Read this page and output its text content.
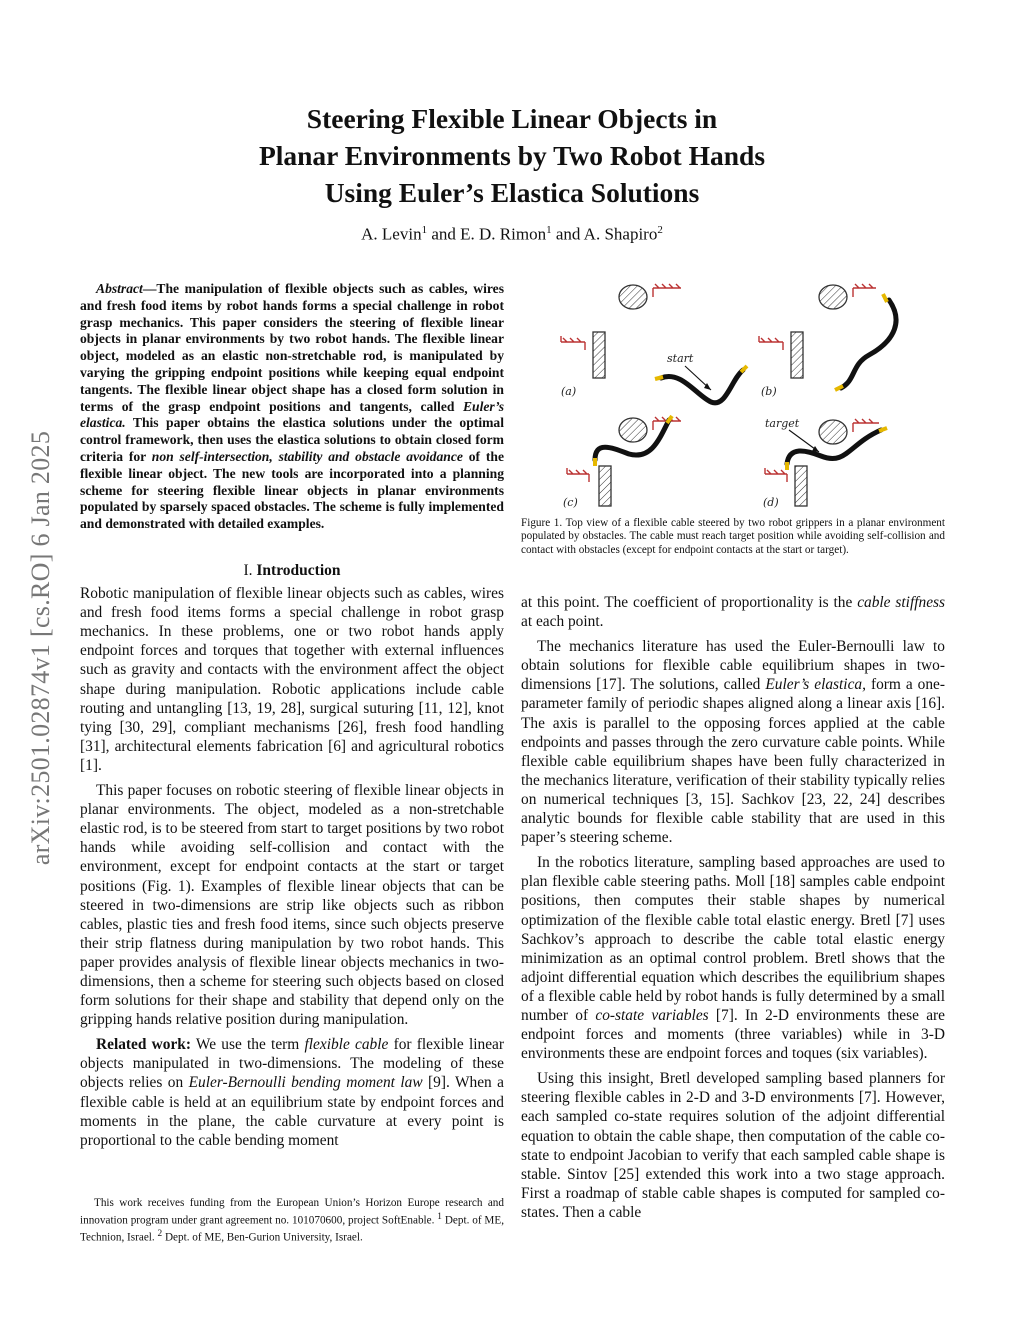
arXiv:2501.02874v1 [cs.RO] 6 Jan 2025
Steering Flexible Linear Objects in
Planar Environments by Two Robot Hands
Using Euler’s Elastica Solutions
A. Levin$^1$ and E. D. Rimon$^1$ and A. Shapiro$^2$

Abstract—The manipulation of flexible objects such as cables, wires and fresh food items by robot hands forms a special challenge in robot grasp mechanics. This paper considers the steering of flexible linear objects in planar environments by two robot hands. The flexible linear object, modeled as an elastic non-stretchable rod, is manipulated by varying the gripping endpoint positions while keeping equal endpoint tangents. The flexible linear object shape has a closed form solution in terms of the grasp endpoint positions and tangents, called Euler’s elastica. This paper obtains the elastica solutions under the optimal control framework, then uses the elastica solutions to obtain closed form criteria for non self-intersection, stability and obstacle avoidance of the flexible linear object. The new tools are incorporated into a planning scheme for steering flexible linear objects in planar environments populated by sparsely spaced obstacles. The scheme is fully implemented and demonstrated with detailed examples.

I. Introduction

Robotic manipulation of flexible linear objects such as cables, wires and fresh food items forms a special challenge in robot grasp mechanics. In these problems, one or two robot hands apply endpoint forces and torques that together with external influences such as gravity and contacts with the environment affect the object shape during manipulation. Robotic applications include cable routing and untangling [13, 19, 28], surgical suturing [11, 12], knot tying [30, 29], compliant mechanisms [26], fresh food handling [31], architectural elements fabrication [6] and agricultural robotics [1].

This paper focuses on robotic steering of flexible linear objects in planar environments. The object, modeled as a non-stretchable elastic rod, is to be steered from start to target positions by two robot hands while avoiding self-collision and contact with the environment, except for endpoint contacts at the start or target positions (Fig. 1). Examples of flexible linear objects that can be steered in two-dimensions are strip like objects such as ribbon cables, plastic ties and fresh food items, since such objects preserve their strip flatness during manipulation by two robot hands. This paper provides analysis of flexible linear objects mechanics in two-dimensions, then a scheme for steering such objects based on closed form solutions for their shape and stability that depend only on the gripping hands relative position during manipulation.

Related work: We use the term flexible cable for flexible linear objects manipulated in two-dimensions. The modeling of these objects relies on Euler-Bernoulli bending moment law [9]. When a flexible cable is held at an equilibrium state by endpoint forces and moments in the plane, the cable curvature at every point is proportional to the cable bending moment

This work receives funding from the European Union’s Horizon Europe research and innovation program under grant agreement no. 101070600, project SoftEnable. $^1$ Dept. of ME, Technion, Israel. $^2$ Dept. of ME, Ben-Gurion University, Israel.
start
(a)	(b)
(c)
target
(d)
Figure 1. Top view of a flexible cable steered by two robot grippers in a planar environment populated by obstacles. The cable must reach target position while avoiding self-collision and contact with obstacles (except for endpoint contacts at the start or target).

at this point. The coefficient of proportionality is the cable stiffness at each point.

The mechanics literature has used the Euler-Bernoulli law to obtain solutions for flexible cable equilibrium shapes in two-dimensions [17]. The solutions, called Euler’s elastica, form a one-parameter family of periodic shapes aligned along a linear axis [16]. The axis is parallel to the opposing forces applied at the cable endpoints and passes through the zero curvature cable points. While flexible cable equilibrium shapes have been fully characterized in the mechanics literature, verification of their stability typically relies on numerical techniques [3, 15]. Sachkov [23, 22, 24] describes analytic bounds for flexible cable stability that are used in this paper’s steering scheme.

In the robotics literature, sampling based approaches are used to plan flexible cable steering paths. Moll [18] samples cable endpoint positions, then computes their stable shapes by numerical optimization of the flexible cable total elastic energy. Bretl [7] uses Sachkov’s approach to describe the cable total elastic energy minimization as an optimal control problem. Bretl shows that the adjoint differential equation which describes the equilibrium shapes of a flexible cable held by robot hands is fully determined by a small number of co-state variables [7]. In 2-D environments these are endpoint forces and moments (three variables) while in 3-D environments these are endpoint forces and toques (six variables).

Using this insight, Bretl developed sampling based planners for steering flexible cables in 2-D and 3-D environments [7]. However, each sampled co-state requires solution of the adjoint differential equation to obtain the cable shape, then computation of the cable co-state to endpoint Jacobian to verify that each sampled cable shape is stable. Sintov [25] extended this work into a two stage approach. First a roadmap of stable cable shapes is computed for sampled co-states. Then a cable
